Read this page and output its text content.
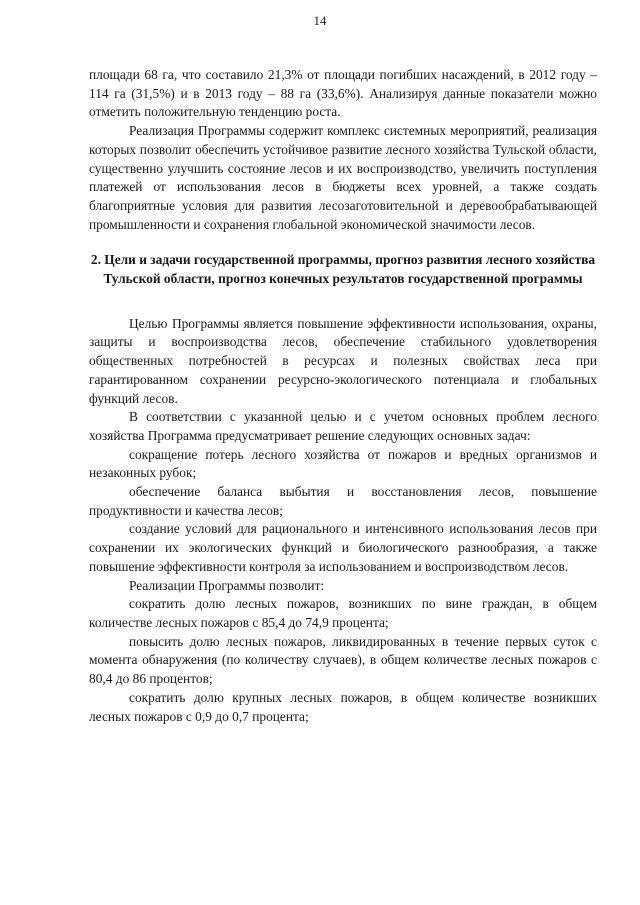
14

площади 68 га, что составило 21,3% от площади погибших насаждений, в 2012 году – 114 га (31,5%) и в 2013 году – 88 га (33,6%). Анализируя данные показатели можно отметить положительную тенденцию роста.

Реализация Программы содержит комплекс системных мероприятий, реализация которых позволит обеспечить устойчивое развитие лесного хозяйства Тульской области, существенно улучшить состояние лесов и их воспроизводство, увеличить поступления платежей от использования лесов в бюджеты всех уровней, а также создать благоприятные условия для развития лесозаготовительной и деревообрабатывающей промышленности и сохранения глобальной экономической значимости лесов.

2. Цели и задачи государственной программы, прогноз развития лесного хозяйства Тульской области, прогноз конечных результатов государственной программы

Целью Программы является повышение эффективности использования, охраны, защиты и воспроизводства лесов, обеспечение стабильного удовлетворения общественных потребностей в ресурсах и полезных свойствах леса при гарантированном сохранении ресурсно-экологического потенциала и глобальных функций лесов.

В соответствии с указанной целью и с учетом основных проблем лесного хозяйства Программа предусматривает решение следующих основных задач:

сокращение потерь лесного хозяйства от пожаров и вредных организмов и незаконных рубок;

обеспечение баланса выбытия и восстановления лесов, повышение продуктивности и качества лесов;

создание условий для рационального и интенсивного использования лесов при сохранении их экологических функций и биологического разнообразия, а также повышение эффективности контроля за использованием и воспроизводством лесов.

Реализации Программы позволит:

сократить долю лесных пожаров, возникших по вине граждан, в общем количестве лесных пожаров с 85,4 до 74,9 процента;

повысить долю лесных пожаров, ликвидированных в течение первых суток с момента обнаружения (по количеству случаев), в общем количестве лесных пожаров с 80,4 до 86 процентов;

сократить долю крупных лесных пожаров, в общем количестве возникших лесных пожаров с 0,9 до 0,7 процента;
